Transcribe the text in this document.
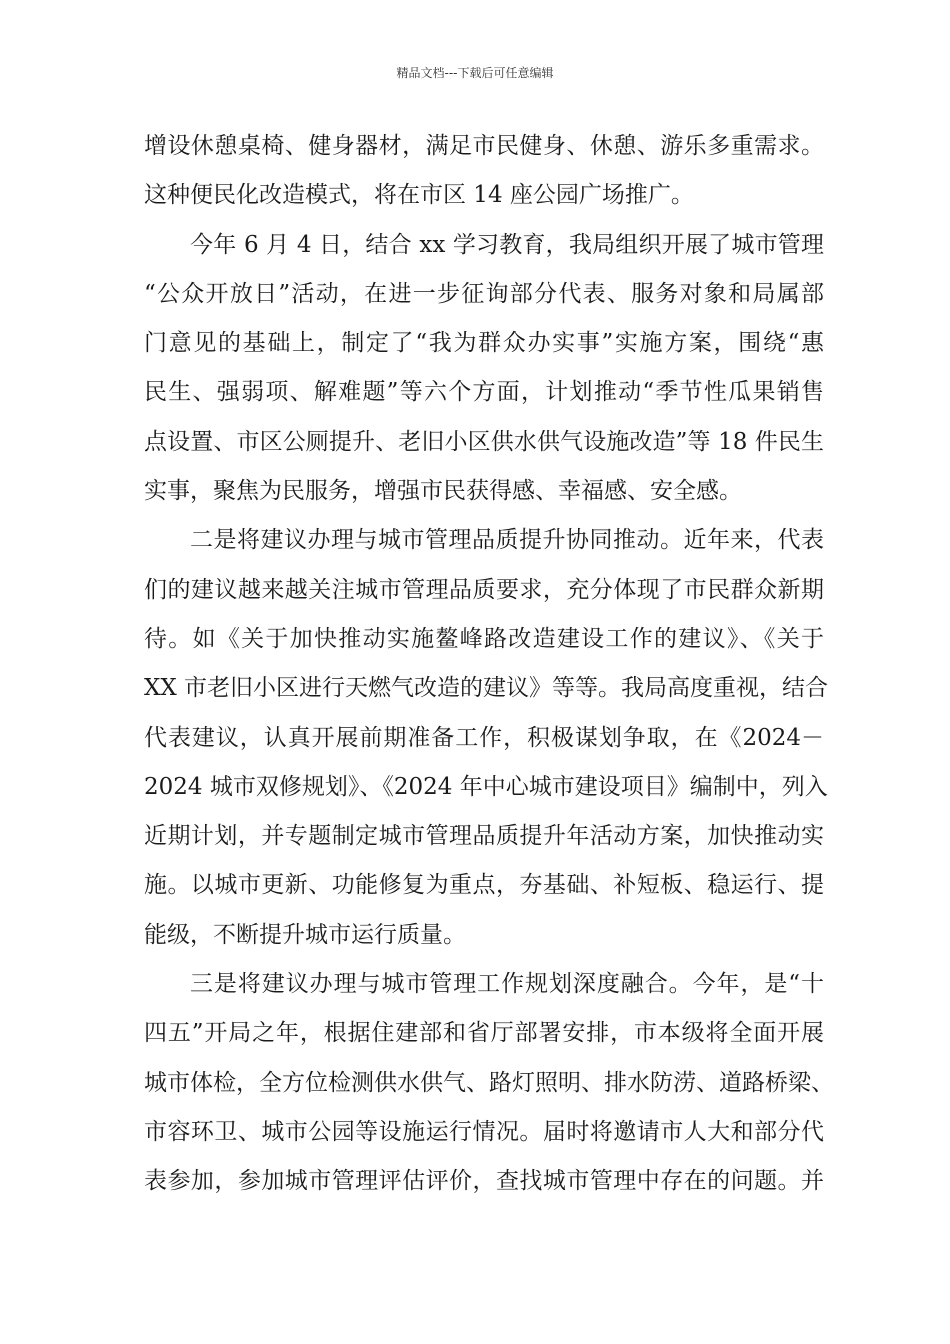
精品文档---下载后可任意编辑
增设休憩桌椅、健身器材，满足市民健身、休憩、游乐多重需求。
这种便民化改造模式，将在市区 14 座公园广场推广。
今年 6 月 4 日，结合 xx 学习教育，我局组织开展了城市管理
“公众开放日”活动，在进一步征询部分代表、服务对象和局属部
门意见的基础上，制定了“我为群众办实事”实施方案，围绕“惠
民生、强弱项、解难题”等六个方面，计划推动“季节性瓜果销售
点设置、市区公厕提升、老旧小区供水供气设施改造”等 18 件民生
实事，聚焦为民服务，增强市民获得感、幸福感、安全感。
二是将建议办理与城市管理品质提升协同推动。近年来，代表
们的建议越来越关注城市管理品质要求，充分体现了市民群众新期
待。如《关于加快推动实施鳌峰路改造建设工作的建议》、《关于
XX 市老旧小区进行天燃气改造的建议》等等。我局高度重视，结合
代表建议，认真开展前期准备工作，积极谋划争取，在《2024－
2024 城市双修规划》、《2024 年中心城市建设项目》编制中，列入
近期计划，并专题制定城市管理品质提升年活动方案，加快推动实
施。以城市更新、功能修复为重点，夯基础、补短板、稳运行、提
能级，不断提升城市运行质量。
三是将建议办理与城市管理工作规划深度融合。今年，是“十
四五”开局之年，根据住建部和省厅部署安排，市本级将全面开展
城市体检，全方位检测供水供气、路灯照明、排水防涝、道路桥梁、
市容环卫、城市公园等设施运行情况。届时将邀请市人大和部分代
表参加，参加城市管理评估评价，查找城市管理中存在的问题。并
